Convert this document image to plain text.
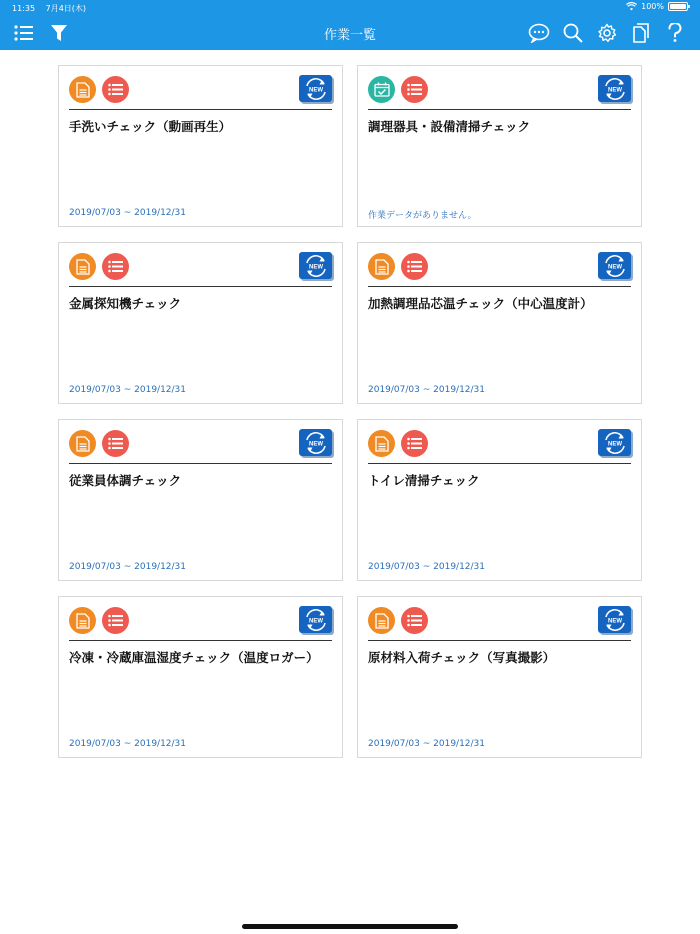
11:35 7月4日(木)	100%
作業一覧
NEW
手洗いチェック（動画再生）
2019/07/03 ~ 2019/12/31
NEW
調理器具・設備清掃チェック
作業データがありません。
NEW
金属探知機チェック
2019/07/03 ~ 2019/12/31
NEW
加熱調理品芯温チェック（中心温度計）
2019/07/03 ~ 2019/12/31
NEW
従業員体調チェック
2019/07/03 ~ 2019/12/31
NEW
トイレ清掃チェック
2019/07/03 ~ 2019/12/31
NEW
冷凍・冷蔵庫温湿度チェック（温度ロガー）
2019/07/03 ~ 2019/12/31
NEW
原材料入荷チェック（写真撮影）
2019/07/03 ~ 2019/12/31
